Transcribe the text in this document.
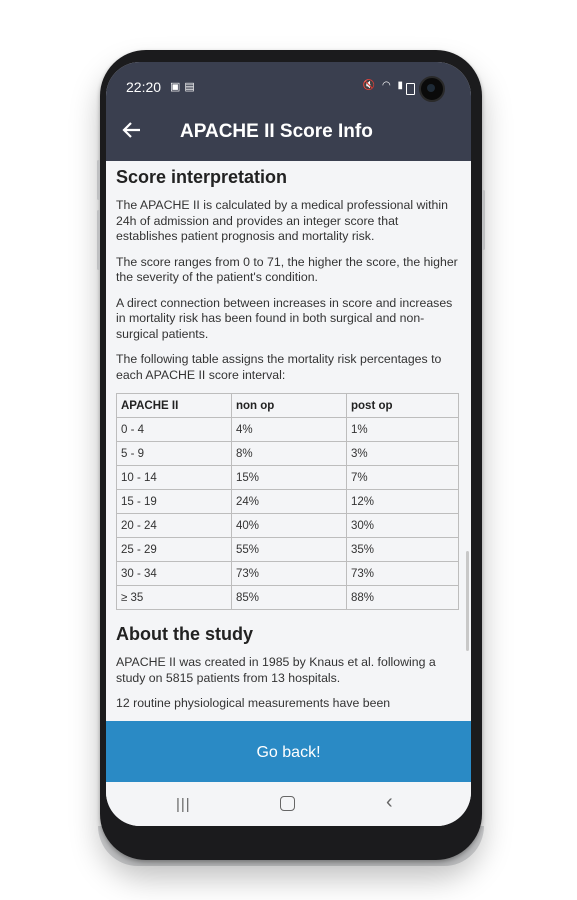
22:20 ▣▤	🔇 ◠ ▮
APACHE II Score Info
Score interpretation

The APACHE II is calculated by a medical professional within 24h of admission and provides an integer score that establishes patient prognosis and mortality risk.

The score ranges from 0 to 71, the higher the score, the higher the severity of the patient's condition.

A direct connection between increases in score and increases in mortality risk has been found in both surgical and non-surgical patients.

The following table assigns the mortality risk percentages to each APACHE II score interval:

APACHE II	non op	post op
0 - 4	4%	1%
5 - 9	8%	3%
10 - 14	15%	7%
15 - 19	24%	12%
20 - 24	40%	30%
25 - 29	55%	35%
30 - 34	73%	73%
≥ 35	85%	88%
About the study

APACHE II was created in 1985 by Knaus et al. following a study on 5815 patients from 13 hospitals.

12 routine physiological measurements have been

Go back!
|||	‹
